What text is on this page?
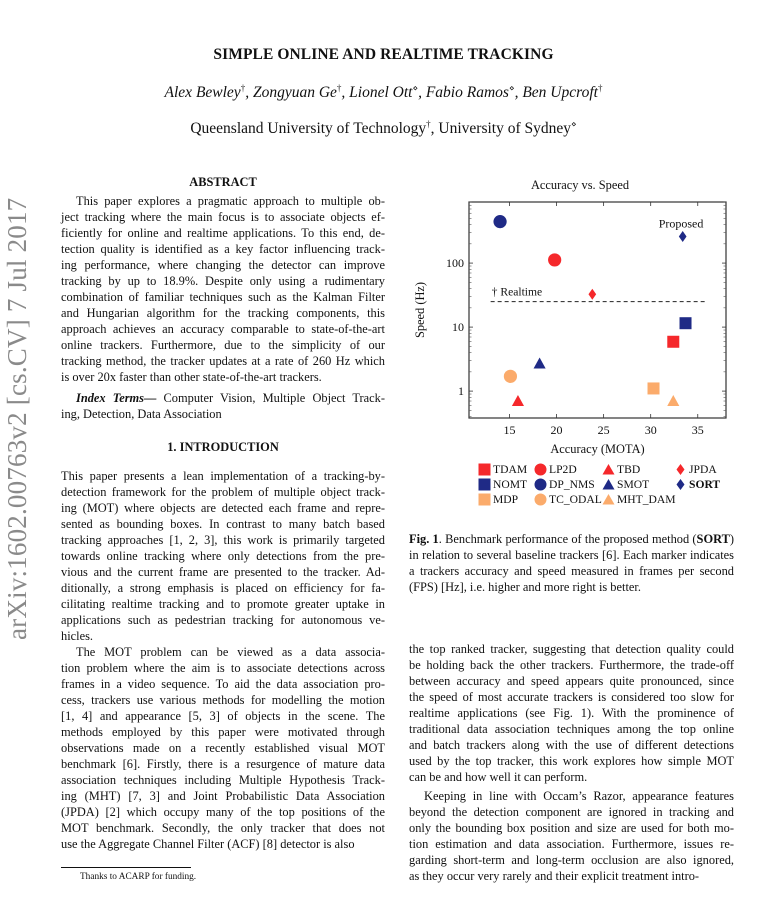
SIMPLE ONLINE AND REALTIME TRACKING
Alex Bewley†, Zongyuan Ge†, Lionel Ott⋄, Fabio Ramos⋄, Ben Upcroft†
Queensland University of Technology†, University of Sydney⋄
arXiv:1602.00763v2 [cs.CV] 7 Jul 2017
ABSTRACT
This paper explores a pragmatic approach to multiple ob-
ject tracking where the main focus is to associate objects ef-
ficiently for online and realtime applications. To this end, de-
tection quality is identified as a key factor influencing track-
ing performance, where changing the detector can improve
tracking by up to 18.9%. Despite only using a rudimentary
combination of familiar techniques such as the Kalman Filter
and Hungarian algorithm for the tracking components, this
approach achieves an accuracy comparable to state-of-the-art
online trackers. Furthermore, due to the simplicity of our
tracking method, the tracker updates at a rate of 260 Hz which
is over 20x faster than other state-of-the-art trackers.
Index Terms— Computer Vision, Multiple Object Track-
ing, Detection, Data Association
1. INTRODUCTION
This paper presents a lean implementation of a tracking-by-
detection framework for the problem of multiple object track-
ing (MOT) where objects are detected each frame and repre-
sented as bounding boxes. In contrast to many batch based
tracking approaches [1, 2, 3], this work is primarily targeted
towards online tracking where only detections from the pre-
vious and the current frame are presented to the tracker. Ad-
ditionally, a strong emphasis is placed on efficiency for fa-
cilitating realtime tracking and to promote greater uptake in
applications such as pedestrian tracking for autonomous ve-
hicles.
The MOT problem can be viewed as a data associa-
tion problem where the aim is to associate detections across
frames in a video sequence. To aid the data association pro-
cess, trackers use various methods for modelling the motion
[1, 4] and appearance [5, 3] of objects in the scene. The
methods employed by this paper were motivated through
observations made on a recently established visual MOT
benchmark [6]. Firstly, there is a resurgence of mature data
association techniques including Multiple Hypothesis Track-
ing (MHT) [7, 3] and Joint Probabilistic Data Association
(JPDA) [2] which occupy many of the top positions of the
MOT benchmark. Secondly, the only tracker that does not
use the Aggregate Channel Filter (ACF) [8] detector is also
Thanks to ACARP for funding.
Accuracy vs. Speed
15	20	25	30	35
1
10
100
Accuracy (MOTA)
Speed (Hz)	† Realtime
Proposed
TDAM LP2D	TBD	JPDA
NOMT DP_NMS SMOT	SORT
MDP	TC_ODAL MHT_DAM
Fig. 1. Benchmark performance of the proposed method (SORT) in relation to several baseline trackers [6]. Each marker indicates a trackers accuracy and speed measured in frames per second (FPS) [Hz], i.e. higher and more right is better.
the top ranked tracker, suggesting that detection quality could
be holding back the other trackers. Furthermore, the trade-off
between accuracy and speed appears quite pronounced, since
the speed of most accurate trackers is considered too slow for
realtime applications (see Fig. 1). With the prominence of
traditional data association techniques among the top online
and batch trackers along with the use of different detections
used by the top tracker, this work explores how simple MOT
can be and how well it can perform.
Keeping in line with Occam’s Razor, appearance features
beyond the detection component are ignored in tracking and
only the bounding box position and size are used for both mo-
tion estimation and data association. Furthermore, issues re-
garding short-term and long-term occlusion are also ignored,
as they occur very rarely and their explicit treatment intro-
